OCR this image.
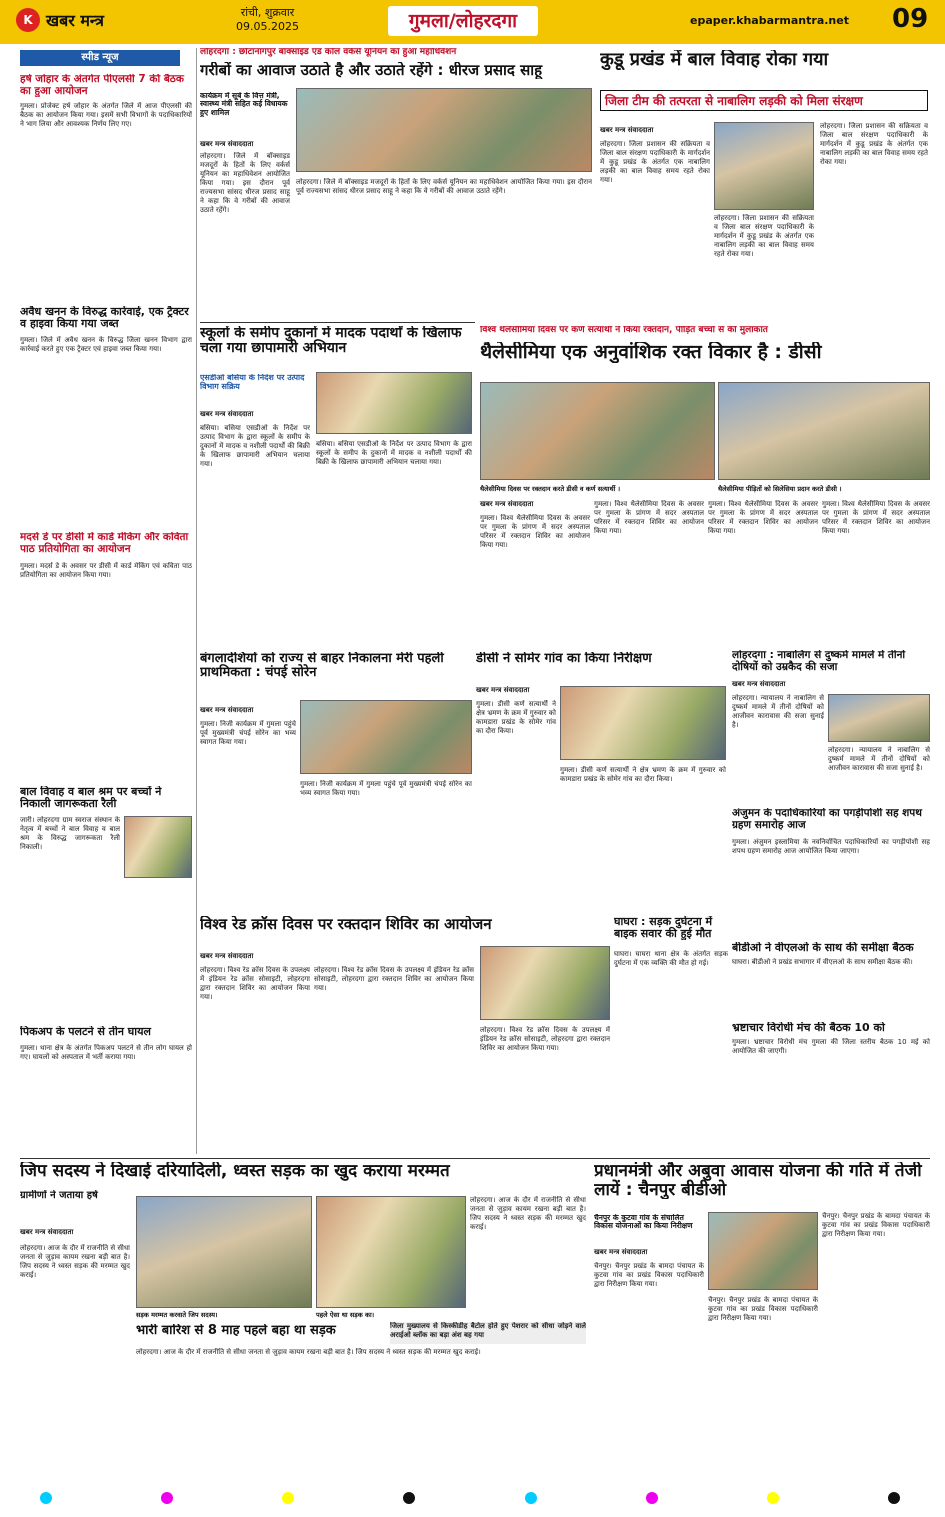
K खबर मन्त्र	रांची, शुक्रवार
09.05.2025	गुमला/लोहरदगा	epaper.khabarmantra.net 09
स्पीड न्यूज
हर्ष जोहार के अंतर्गत पीएलसी 7 की बैठक का हुआ आयोजन
गुमला। प्रोजेक्ट हर्ष जोहार के अंतर्गत जिले में आज पीएलसी की बैठक का आयोजन किया गया। इसमें सभी विभागों के पदाधिकारियों ने भाग लिया और आवश्यक निर्णय लिए गए।
अवैध खनन के विरुद्ध कार्रवाई, एक ट्रैक्टर व हाइवा किया गया जब्त
गुमला। जिले में अवैध खनन के विरुद्ध जिला खनन विभाग द्वारा कार्रवाई करते हुए एक ट्रैक्टर एवं हाइवा जब्त किया गया।
मदर्स डे पर डीसी में कार्ड मेकिंग और कविता पाठ प्रतियोगिता का आयोजन
गुमला। मदर्स डे के अवसर पर डीसी में कार्ड मेकिंग एवं कविता पाठ प्रतियोगिता का आयोजन किया गया।
बाल विवाह व बाल श्रम पर बच्चों ने निकाली जागरूकता रैली
जारी। लोहरदगा ग्राम स्वराज संस्थान के नेतृत्व में बच्चों ने बाल विवाह व बाल श्रम के विरुद्ध जागरूकता रैली निकाली।
पिकअप के पलटने से तीन घायल
गुमला। थाना क्षेत्र के अंतर्गत पिकअप पलटने से तीन लोग घायल हो गए। घायलों को अस्पताल में भर्ती कराया गया।
लोहरदगा : छोटानागपुर बॉक्साइड एंड कोल वर्कर्स यूनियन का हुआ महाधिवेशन
गरीबों का आवाज उठाते है और उठाते रहेंगे : धीरज प्रसाद साहू
कार्यक्रम में सूबे के वित्त मंत्री, स्वास्थ्य मंत्री सहित कई विधायक हुए शामिल
खबर मन्त्र संवाददाता
लोहरदगा। जिले में बॉक्साइड मजदूरों के हितों के लिए वर्कर्स यूनियन का महाधिवेशन आयोजित किया गया। इस दौरान पूर्व राज्यसभा सांसद धीरज प्रसाद साहू ने कहा कि वे गरीबों की आवाज उठाते रहेंगे।
लोहरदगा। जिले में बॉक्साइड मजदूरों के हितों के लिए वर्कर्स यूनियन का महाधिवेशन आयोजित किया गया। इस दौरान पूर्व राज्यसभा सांसद धीरज प्रसाद साहू ने कहा कि वे गरीबों की आवाज उठाते रहेंगे।
कुडू प्रखंड में बाल विवाह रोका गया
जिला टीम की तत्परता से नाबालिग लड़की को मिला संरक्षण
खबर मन्त्र संवाददाता
लोहरदगा। जिला प्रशासन की सक्रियता व जिला बाल संरक्षण पदाधिकारी के मार्गदर्शन में कुडू प्रखंड के अंतर्गत एक नाबालिग लड़की का बाल विवाह समय रहते रोका गया।
लोहरदगा। जिला प्रशासन की सक्रियता व जिला बाल संरक्षण पदाधिकारी के मार्गदर्शन में कुडू प्रखंड के अंतर्गत एक नाबालिग लड़की का बाल विवाह समय रहते रोका गया।
लोहरदगा। जिला प्रशासन की सक्रियता व जिला बाल संरक्षण पदाधिकारी के मार्गदर्शन में कुडू प्रखंड के अंतर्गत एक नाबालिग लड़की का बाल विवाह समय रहते रोका गया।
स्कूलों के समीप दुकानों में मादक पदार्थों के खिलाफ चला गया छापामारी अभियान
एसडीओ बसिया के निर्देश पर उत्पाद विभाग सक्रिय
खबर मन्त्र संवाददाता
बसिया। बसिया एसडीओ के निर्देश पर उत्पाद विभाग के द्वारा स्कूलों के समीप के दुकानों में मादक व नशीली पदार्थों की बिक्री के खिलाफ छापामारी अभियान चलाया गया।
बसिया। बसिया एसडीओ के निर्देश पर उत्पाद विभाग के द्वारा स्कूलों के समीप के दुकानों में मादक व नशीली पदार्थों की बिक्री के खिलाफ छापामारी अभियान चलाया गया।
विश्व थैलेसीमिया दिवस पर कर्ण सत्यार्थी ने किया रक्तदान, पीड़ित बच्चों से की मुलाकात
थैलेसीमिया एक अनुवांशिक रक्त विकार है : डीसी
थैलेसीमिया दिवस पर रक्तदान करते डीसी व कर्ण सत्यार्थी ।	थैलेसीमिया पीड़ितों को सिलेसिया प्रदान करते डीसी ।
खबर मन्त्र संवाददाता
गुमला। विश्व थैलेसीमिया दिवस के अवसर पर गुमला के प्रांगण में सदर अस्पताल परिसर में रक्तदान शिविर का आयोजन किया गया।
गुमला। विश्व थैलेसीमिया दिवस के अवसर पर गुमला के प्रांगण में सदर अस्पताल परिसर में रक्तदान शिविर का आयोजन किया गया।
गुमला। विश्व थैलेसीमिया दिवस के अवसर पर गुमला के प्रांगण में सदर अस्पताल परिसर में रक्तदान शिविर का आयोजन किया गया।
गुमला। विश्व थैलेसीमिया दिवस के अवसर पर गुमला के प्रांगण में सदर अस्पताल परिसर में रक्तदान शिविर का आयोजन किया गया।
डीसी ने सोमेर गांव का किया निरीक्षण
खबर मन्त्र संवाददाता
गुमला। डीसी कर्ण सत्यार्थी ने क्षेत्र भ्रमण के क्रम में गुरुवार को कामडारा प्रखंड के सोमेर गांव का दौरा किया।
गुमला। डीसी कर्ण सत्यार्थी ने क्षेत्र भ्रमण के क्रम में गुरुवार को कामडारा प्रखंड के सोमेर गांव का दौरा किया।
बंगलादेशियों को राज्य से बाहर निकालना मेरी पहली प्राथमिकता : चंपई सोरेन
खबर मन्त्र संवाददाता
गुमला। निजी कार्यक्रम में गुमला पहुंचे पूर्व मुख्यमंत्री चंपई सोरेन का भव्य स्वागत किया गया।
गुमला। निजी कार्यक्रम में गुमला पहुंचे पूर्व मुख्यमंत्री चंपई सोरेन का भव्य स्वागत किया गया।
लोहरदगा : नाबालिग से दुष्कर्म मामले में तीनों दोषियों को उम्रकैद की सजा
खबर मन्त्र संवाददाता
लोहरदगा। न्यायालय ने नाबालिग से दुष्कर्म मामले में तीनों दोषियों को आजीवन कारावास की सजा सुनाई है।
लोहरदगा। न्यायालय ने नाबालिग से दुष्कर्म मामले में तीनों दोषियों को आजीवन कारावास की सजा सुनाई है।
अंजुमन के पदाधिकारियों का पगड़ीपोशी सह शपथ ग्रहण समारोह आज
गुमला। अंजुमन इस्लामिया के नवनिर्वाचित पदाधिकारियों का पगड़ीपोशी सह शपथ ग्रहण समारोह आज आयोजित किया जाएगा।
बीडीओ ने वीएलओ के साथ की समीक्षा बैठक
घाघरा। बीडीओ ने प्रखंड सभागार में वीएलओ के साथ समीक्षा बैठक की।
भ्रष्टाचार विरोधी मंच की बैठक 10 को
गुमला। भ्रष्टाचार विरोधी मंच गुमला की जिला स्तरीय बैठक 10 मई को आयोजित की जाएगी।
विश्व रेड क्रॉस दिवस पर रक्तदान शिविर का आयोजन
खबर मन्त्र संवाददाता
लोहरदगा। विश्व रेड क्रॉस दिवस के उपलक्ष्य में इंडियन रेड क्रॉस सोसाइटी, लोहरदगा द्वारा रक्तदान शिविर का आयोजन किया गया।
लोहरदगा। विश्व रेड क्रॉस दिवस के उपलक्ष्य में इंडियन रेड क्रॉस सोसाइटी, लोहरदगा द्वारा रक्तदान शिविर का आयोजन किया गया।
लोहरदगा। विश्व रेड क्रॉस दिवस के उपलक्ष्य में इंडियन रेड क्रॉस सोसाइटी, लोहरदगा द्वारा रक्तदान शिविर का आयोजन किया गया।
घाघरा : सड़क दुर्घटना में बाइक सवार की हुई मौत
घाघरा। घाघरा थाना क्षेत्र के अंतर्गत सड़क दुर्घटना में एक व्यक्ति की मौत हो गई।
जिप सदस्य ने दिखाई दरियादिली, ध्वस्त सड़क का खुद कराया मरम्मत
ग्रामीणों ने जताया हर्ष
खबर मन्त्र संवाददाता
लोहरदगा। आज के दौर में राजनीति से सीधा जनता से जुड़ाव कायम रखना बड़ी बात है। जिप सदस्य ने ध्वस्त सड़क की मरम्मत खुद कराई।
सड़क मरम्मत करवाते जिप सदस्य।	पहले ऐसा था सड़क का।
भारी बारिश से 8 माह पहले बहा था सड़क	जिला मुख्यालय से किस्कीडीह बैटोल होते हुए पेशरार को सीधा जोड़ने वाले अराईओ ब्लॉक का बड़ा अंश बह गया
लोहरदगा। आज के दौर में राजनीति से सीधा जनता से जुड़ाव कायम रखना बड़ी बात है। जिप सदस्य ने ध्वस्त सड़क की मरम्मत खुद कराई।
लोहरदगा। आज के दौर में राजनीति से सीधा जनता से जुड़ाव कायम रखना बड़ी बात है। जिप सदस्य ने ध्वस्त सड़क की मरम्मत खुद कराई।
प्रधानमंत्री और अबुवा आवास योजना की गति में तेजी लायें : चैनपुर बीडीओ
चैनपुर के कुटवा गांव के संचालित विकास योजनाओं का किया निरीक्षण
खबर मन्त्र संवाददाता
चैनपुर। चैनपुर प्रखंड के बामदा पंचायत के कुटवा गांव का प्रखंड विकास पदाधिकारी द्वारा निरीक्षण किया गया।
चैनपुर। चैनपुर प्रखंड के बामदा पंचायत के कुटवा गांव का प्रखंड विकास पदाधिकारी द्वारा निरीक्षण किया गया।
चैनपुर। चैनपुर प्रखंड के बामदा पंचायत के कुटवा गांव का प्रखंड विकास पदाधिकारी द्वारा निरीक्षण किया गया।
